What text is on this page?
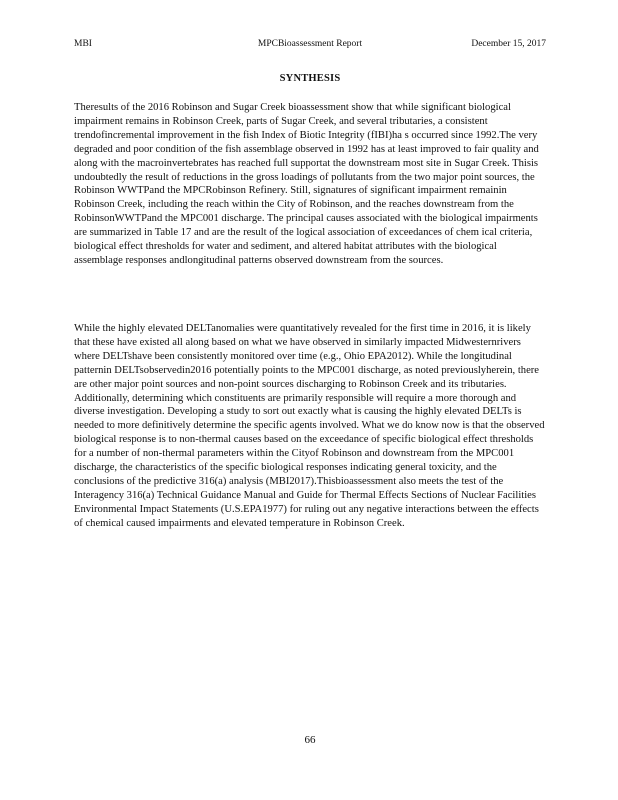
MBI	MPCBioassessment Report	December 15, 2017
SYNTHESIS

Theresults of the 2016 Robinson and Sugar Creek bioassessment show that while significant biological impairment remains in Robinson Creek, parts of Sugar Creek, and several tributaries, a consistent trendofincremental improvement in the fish Index of Biotic Integrity (fIBI)ha s occurred since 1992.The very degraded and poor condition of the fish assemblage observed in 1992 has at least improved to fair quality and along with the macroinvertebrates has reached full supportat the downstream most site in Sugar Creek. Thisis undoubtedly the result of reductions in the gross loadings of pollutants from the two major point sources, the Robinson WWTPand the MPCRobinson Refinery. Still, signatures of significant impairment remainin Robinson Creek, including the reach within the City of Robinson, and the reaches downstream from the RobinsonWWTPand the MPC001 discharge. The principal causes associated with the biological impairments are summarized in Table 17 and are the result of the logical association of exceedances of chem ical criteria, biological effect thresholds for water and sediment, and altered habitat attributes with the biological assemblage responses andlongitudinal patterns observed downstream from the sources.

While the highly elevated DELTanomalies were quantitatively revealed for the first time in 2016, it is likely that these have existed all along based on what we have observed in similarly impacted Midwesternrivers where DELTshave been consistently monitored over time (e.g., Ohio EPA2012). While the longitudinal patternin DELTsobservedin2016 potentially points to the MPC001 discharge, as noted previouslyherein, there are other major point sources and non-point sources discharging to Robinson Creek and its tributaries. Additionally, determining which constituents are primarily responsible will require a more thorough and diverse investigation. Developing a study to sort out exactly what is causing the highly elevated DELTs is needed to more definitively determine the specific agents involved. What we do know now is that the observed biological response is to non-thermal causes based on the exceedance of specific biological effect thresholds for a number of non-thermal parameters within the Cityof Robinson and downstream from the MPC001 discharge, the characteristics of the specific biological responses indicating general toxicity, and the conclusions of the predictive 316(a) analysis (MBI2017).Thisbioassessment also meets the test of the Interagency 316(a) Technical Guidance Manual and Guide for Thermal Effects Sections of Nuclear Facilities Environmental Impact Statements (U.S.EPA1977) for ruling out any negative interactions between the effects of chemical caused impairments and elevated temperature in Robinson Creek.

66
